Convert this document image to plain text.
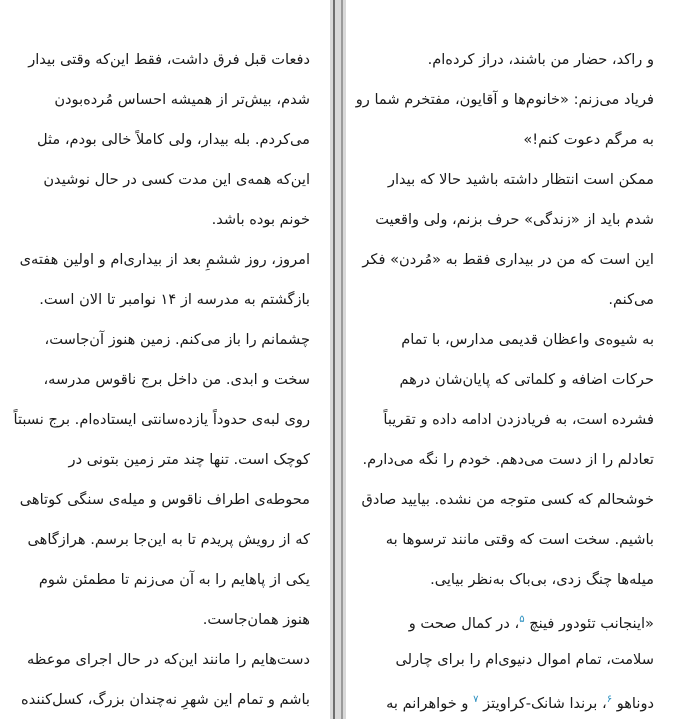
دفعات قبل فرق داشت، فقط این‌که وقتی بیدار
شدم، بیش‌تر از همیشه احساس مُرده‌بودن
می‌کردم. بله بیدار، ولی کاملاً خالی بودم، مثل
این‌که همه‌ی این مدت کسی در حال نوشیدن
خونم بوده باشد.
امروز، روز ششمِ بعد از بیداری‌ام و اولین هفته‌ی
بازگشتم به مدرسه از ۱۴ نوامبر تا الان است.
چشمانم را باز می‌کنم. زمین هنوز آن‌جاست،
سخت و ابدی. من داخل برج ناقوس مدرسه،
روی لبه‌ی حدوداً یازده‌سانتی ایستاده‌ام. برج نسبتاً
کوچک است. تنها چند متر زمین بتونی در
محوطه‌ی اطراف ناقوس و میله‌ی سنگی کوتاهی
که از رویش پریدم تا به این‌جا برسم. هرازگاهی
یکی از پاهایم را به آن می‌زنم تا مطمئن شوم
هنوز همان‌جاست.
دست‌هایم را مانند این‌که در حال اجرای موعظه
باشم و تمام این شهرِ نه‌چندان بزرگ، کسل‌کننده
و راکد، حضار من باشند، دراز کرده‌ام.
فریاد می‌زنم: «خانوم‌ها و آقایون، مفتخرم شما رو
به مرگم دعوت کنم!»
ممکن است انتظار داشته باشید حالا که بیدار
شدم باید از «زندگی» حرف بزنم، ولی واقعیت
این است که من در بیداری فقط به «مُردن» فکر
می‌کنم.
به شیوه‌ی واعظان قدیمی مدارس، با تمام
حرکات اضافه و کلماتی که پایان‌شان درهم
فشرده است، به فریادزدن ادامه داده و تقریباً
تعادلم را از دست می‌دهم. خودم را نگه می‌دارم.
خوشحالم که کسی متوجه من نشده. بیایید صادق
باشیم. سخت است که وقتی مانند ترسوها به
میله‌ها چنگ زدی، بی‌باک به‌نظر بیایی.
«اینجانب تئودور فینچ $^۵$، در کمال صحت و
سلامت، تمام اموال دنیوی‌ام را برای چارلی
دوناهو $^۶$، برندا شانک-کراویتز $^۷$ و خواهرانم به
